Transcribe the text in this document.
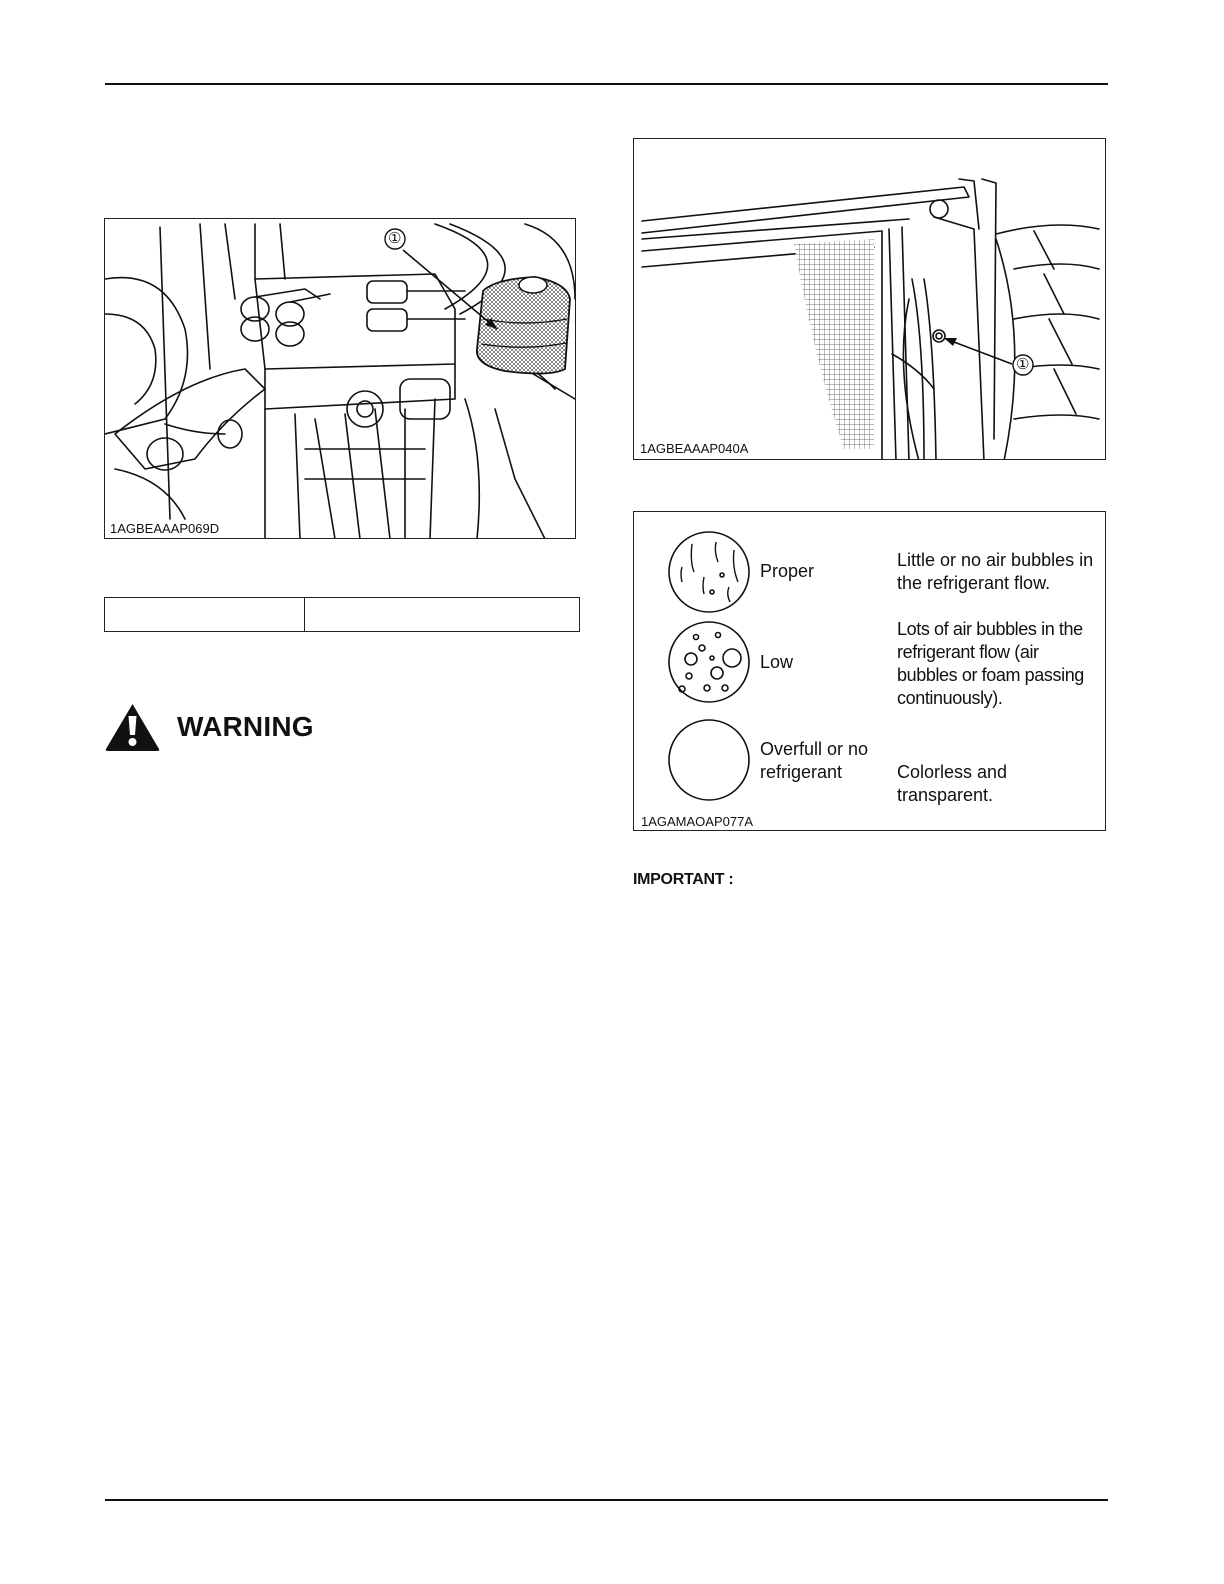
①
1AGBEAAAP069D
①
1AGBEAAAP040A
Proper
Little or no air bubbles in the refrigerant flow.
Low
Lots of air bubbles in the refrigerant flow (air bubbles or foam passing continuously).
Overfull or no refrigerant	Colorless and transparent.
1AGAMAOAP077A
WARNING
IMPORTANT :
